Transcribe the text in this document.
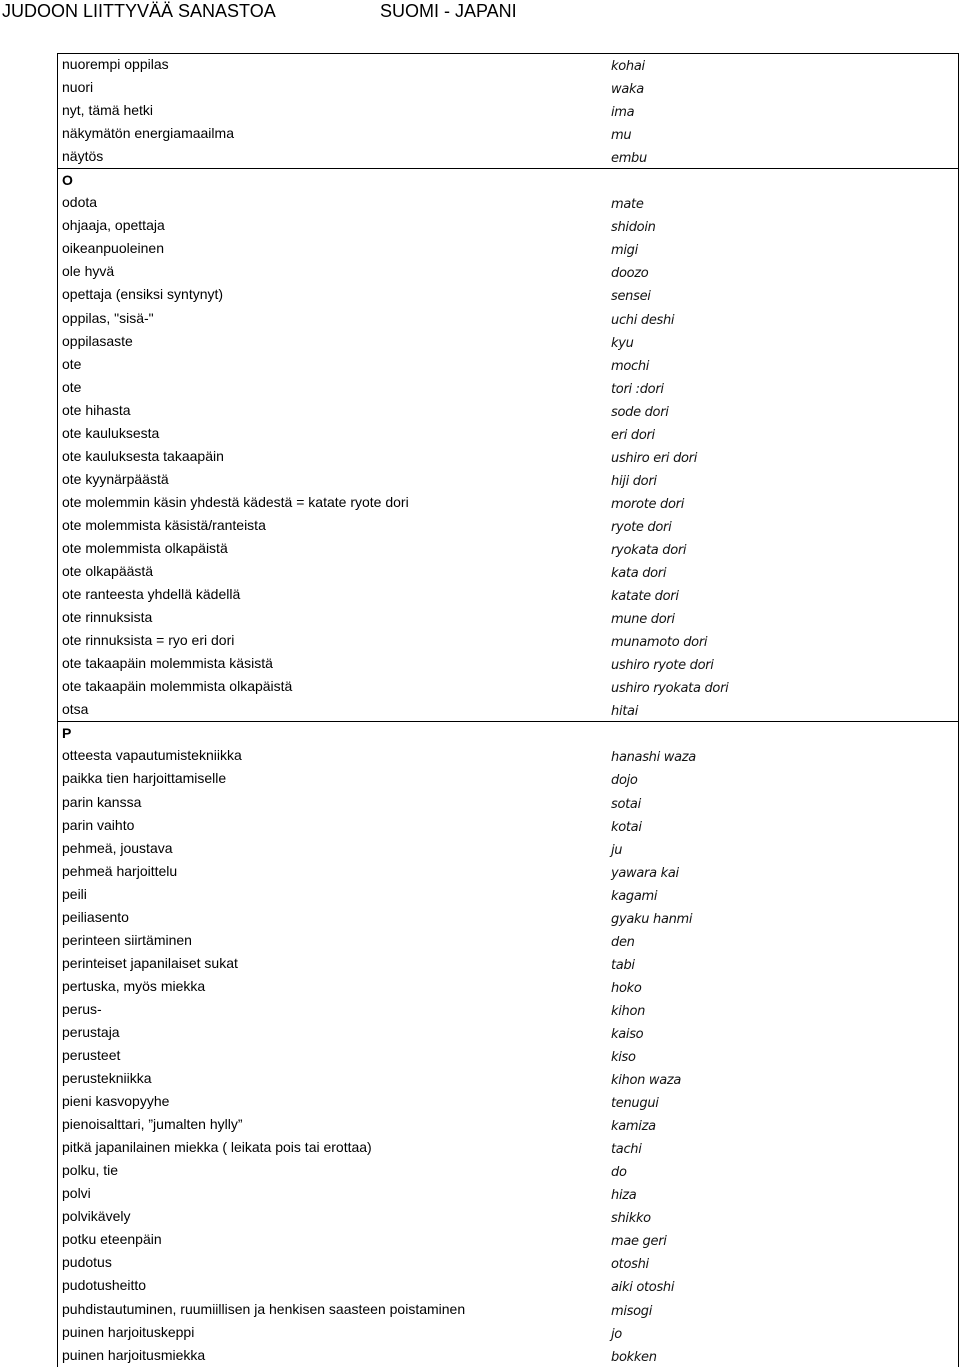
JUDOON LIITTYVÄÄ SANASTOA	SUOMI - JAPANI
nuorempi oppilas	kohai
nuori	waka
nyt, tämä hetki	ima
näkymätön energiamaailma	mu
näytös	embu
O
odota	mate
ohjaaja, opettaja	shidoin
oikeanpuoleinen	migi
ole hyvä	doozo
opettaja (ensiksi syntynyt)	sensei
oppilas, "sisä-"	uchi deshi
oppilasaste	kyu
ote	mochi
ote	tori :dori
ote hihasta	sode dori
ote kauluksesta	eri dori
ote kauluksesta takaapäin	ushiro eri dori
ote kyynärpäästä	hiji dori
ote molemmin käsin yhdestä kädestä = katate ryote dori	morote dori
ote molemmista käsistä/ranteista	ryote dori
ote molemmista olkapäistä	ryokata dori
ote olkapäästä	kata dori
ote ranteesta yhdellä kädellä	katate dori
ote rinnuksista	mune dori
ote rinnuksista = ryo eri dori	munamoto dori
ote takaapäin molemmista käsistä	ushiro ryote dori
ote takaapäin molemmista olkapäistä	ushiro ryokata dori
otsa	hitai
P
otteesta vapautumistekniikka	hanashi waza
paikka tien harjoittamiselle	dojo
parin kanssa	sotai
parin vaihto	kotai
pehmeä, joustava	ju
pehmeä harjoittelu	yawara kai
peili	kagami
peiliasento	gyaku hanmi
perinteen siirtäminen	den
perinteiset japanilaiset sukat	tabi
pertuska, myös miekka	hoko
perus-	kihon
perustaja	kaiso
perusteet	kiso
perustekniikka	kihon waza
pieni kasvopyyhe	tenugui
pienoisalttari, ”jumalten hylly”	kamiza
pitkä japanilainen miekka ( leikata pois tai erottaa)	tachi
polku, tie	do
polvi	hiza
polvikävely	shikko
potku eteenpäin	mae geri
pudotus	otoshi
pudotusheitto	aiki otoshi
puhdistautuminen, ruumiillisen ja henkisen saasteen poistaminen	misogi
puinen harjoituskeppi	jo
puinen harjoitusmiekka	bokken
